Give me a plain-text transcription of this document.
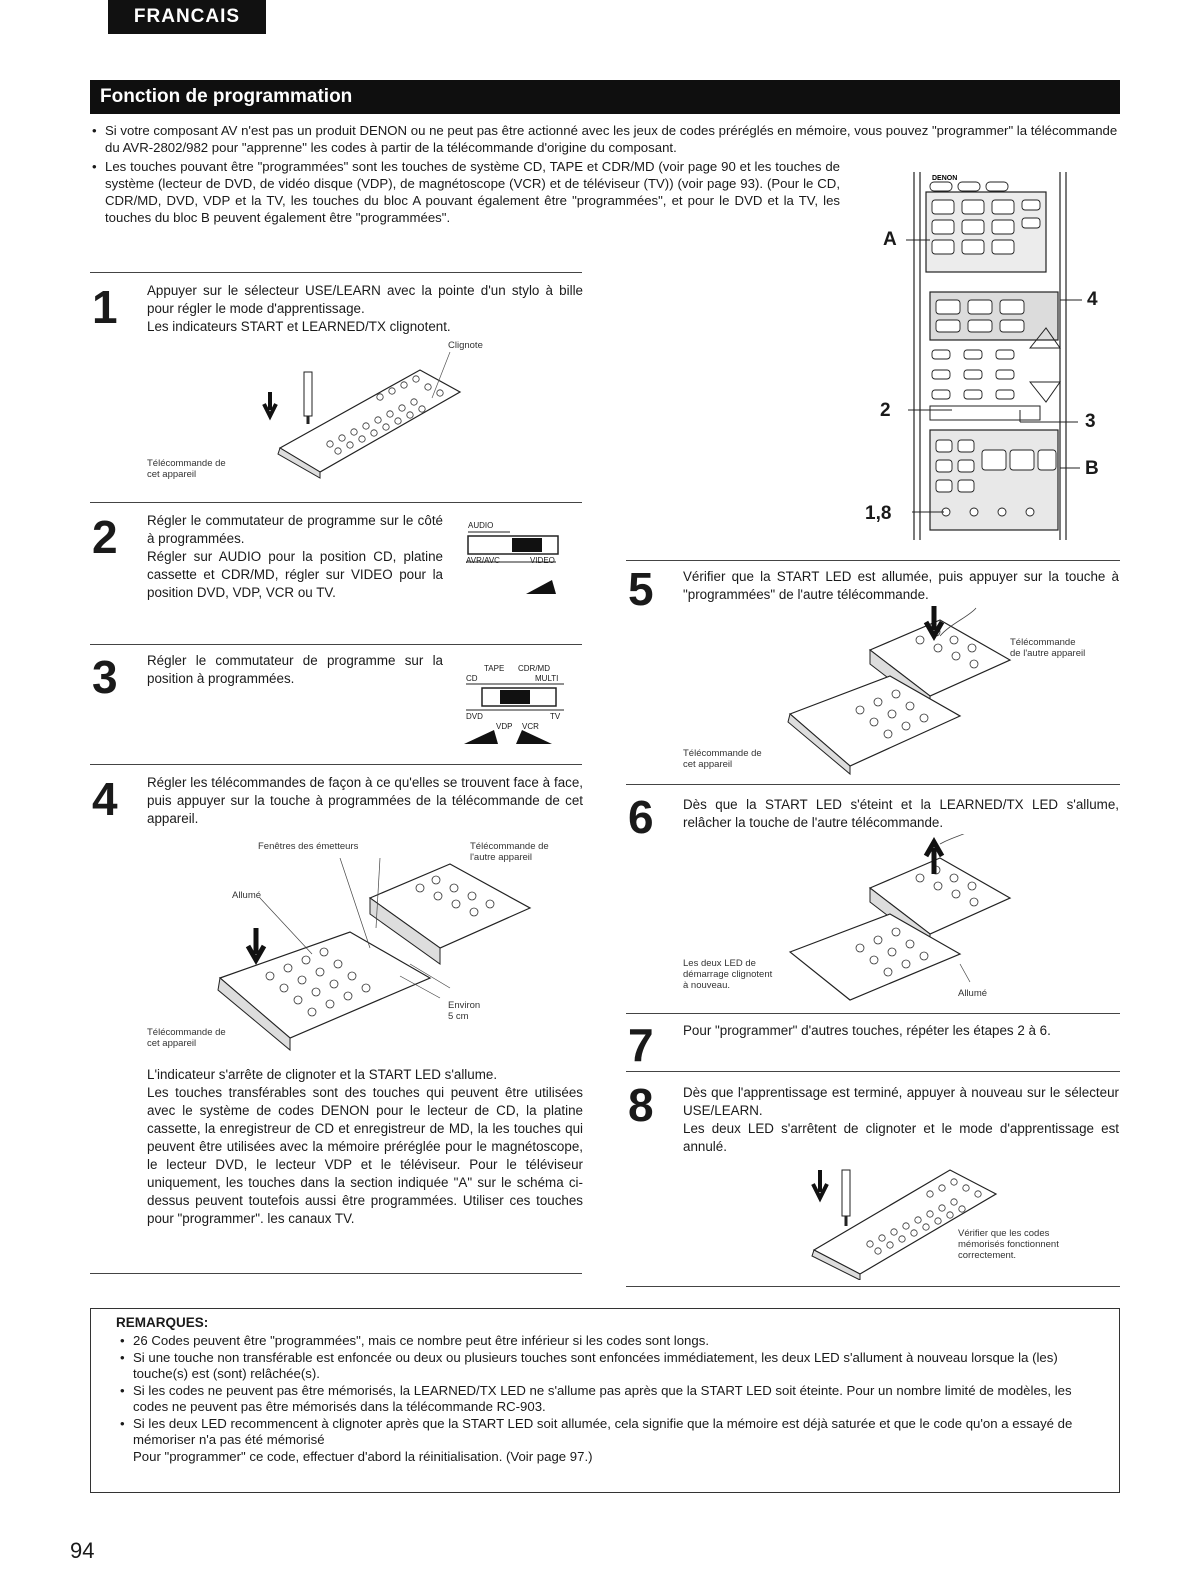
FRANCAIS
Fonction de programmation
• Si votre composant AV n'est pas un produit DENON ou ne peut pas être actionné avec les jeux de codes préréglés en mémoire, vous pouvez "programmer" la télécommande du AVR-2802/982 pour "apprenne" les codes à partir de la télécommande d'origine du composant.
• Les touches pouvant être "programmées" sont les touches de système CD, TAPE et CDR/MD (voir page 90 et les touches de système (lecteur de DVD, de vidéo disque (VDP), de magnétoscope (VCR) et de téléviseur (TV)) (voir page 93). (Pour le CD, CDR/MD, DVD, VDP et la TV, les touches du bloc A pouvant également être "programmées", et pour le DVD et la TV, les touches du bloc B peuvent également être "programmées".
DENON
A
4
2
3
B
1,8
1 Appuyer sur le sélecteur USE/LEARN avec la pointe d'un stylo à bille pour régler le mode d'apprentissage.
Les indicateurs START et LEARNED/TX clignotent.
Clignote
Télécommande de
cet appareil
2 Régler le commutateur de programme sur le côté à programmées.
Régler sur AUDIO pour la position CD, platine cassette et CDR/MD, régler sur VIDEO pour la position DVD, VDP, VCR ou TV.
AUDIO
AVR/AVC	VIDEO
3 Régler le commutateur de programme sur la position à programmées.
TAPE CDR/MD
CD	MULTI
DVD	TV
VDP VCR
4 Régler les télécommandes de façon à ce qu'elles se trouvent face à face, puis appuyer sur la touche à programmées de la télécommande de cet appareil.
Fenêtres des émetteurs	Télécommande de
l'autre appareil
Allumé
Environ
5 cm
Télécommande de
cet appareil
L'indicateur s'arrête de clignoter et la START LED s'allume.
Les touches transférables sont des touches qui peuvent être utilisées avec le système de codes DENON pour le lecteur de CD, la platine cassette, la enregistreur de CD et enregistreur de MD, la les touches qui peuvent être utilisées avec la mémoire préréglée pour le magnétoscope, le lecteur DVD, le lecteur VDP et le téléviseur. Pour le téléviseur uniquement, les touches dans la section indiquée "A" sur le schéma ci-dessus peuvent toutefois aussi être programmées. Utiliser ces touches pour "programmer". les canaux TV.
5 Vérifier que la START LED est allumée, puis appuyer sur la touche à "programmées" de l'autre télécommande.
Télécommande
de l'autre appareil
Télécommande de
cet appareil
6 Dès que la START LED s'éteint et la LEARNED/TX LED s'allume, relâcher la touche de l'autre télécommande.
Les deux LED de
démarrage clignotent
à nouveau.
Allumé
7 Pour "programmer" d'autres touches, répéter les étapes 2 à 6.
8 Dès que l'apprentissage est terminé, appuyer à nouveau sur le sélecteur USE/LEARN.
Les deux LED s'arrêtent de clignoter et le mode d'apprentissage est annulé.
Vérifier que les codes
mémorisés fonctionnent
correctement.
REMARQUES:
• 26 Codes peuvent être "programmées", mais ce nombre peut être inférieur si les codes sont longs.
• Si une touche non transférable est enfoncée ou deux ou plusieurs touches sont enfoncées immédiatement, les deux LED s'allument à nouveau lorsque la (les) touche(s) est (sont) relâchée(s).
• Si les codes ne peuvent pas être mémorisés, la LEARNED/TX LED ne s'allume pas après que la START LED soit éteinte. Pour un nombre limité de modèles, les codes ne peuvent pas être mémorisés dans la télécommande RC-903.
• Si les deux LED recommencent à clignoter après que la START LED soit allumée, cela signifie que la mémoire est déjà saturée et que le code qu'on a essayé de mémoriser n'a pas été mémorisé
Pour "programmer" ce code, effectuer d'abord la réinitialisation. (Voir page 97.)
94
